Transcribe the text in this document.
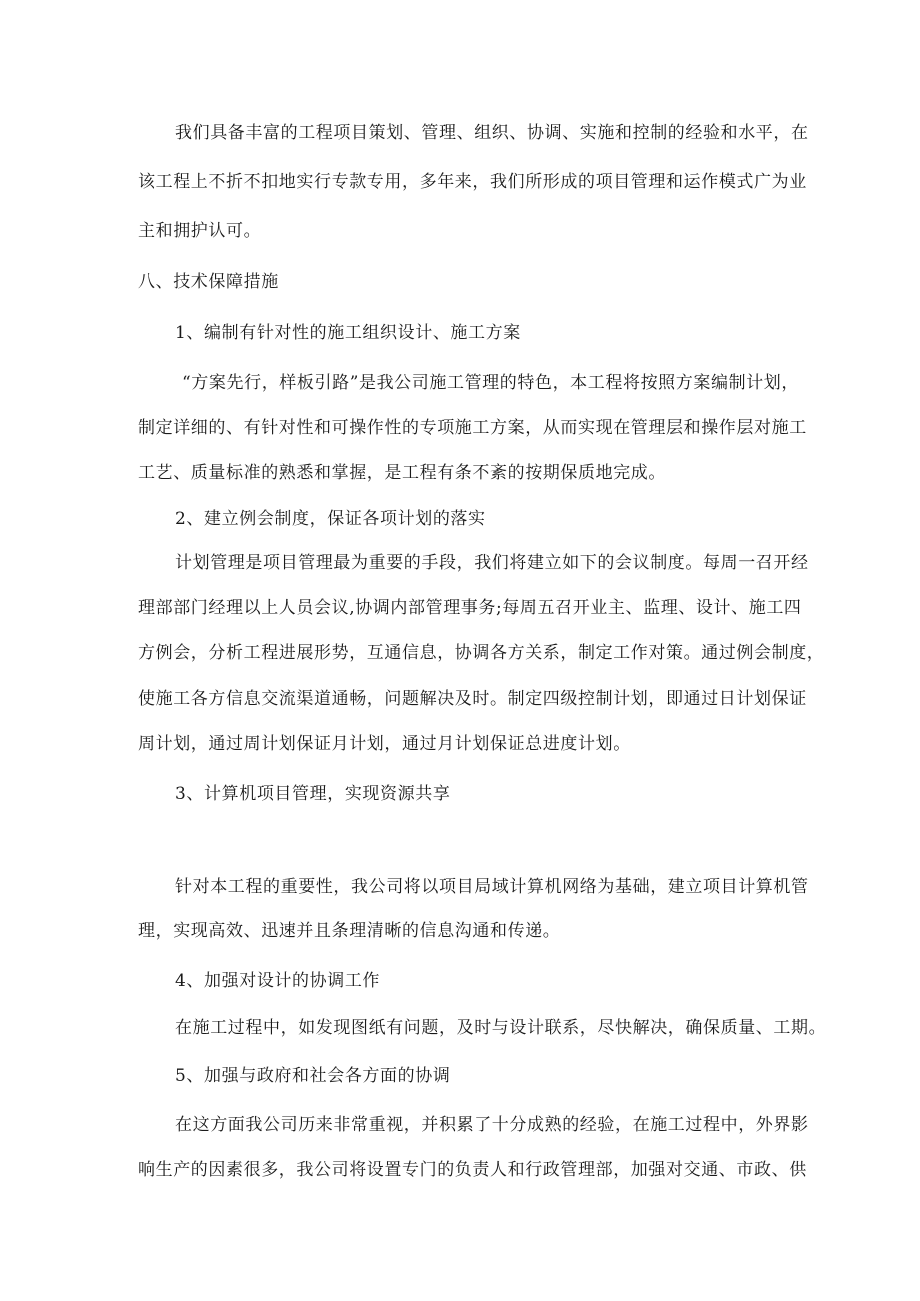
我们具备丰富的工程项目策划、管理、组织、协调、实施和控制的经验和水平，在
该工程上不折不扣地实行专款专用，多年来，我们所形成的项目管理和运作模式广为业
主和拥护认可。
八、技术保障措施
1、编制有针对性的施工组织设计、施工方案
“方案先行，样板引路”是我公司施工管理的特色，本工程将按照方案编制计划，
制定详细的、有针对性和可操作性的专项施工方案，从而实现在管理层和操作层对施工
工艺、质量标准的熟悉和掌握，是工程有条不紊的按期保质地完成。
2、建立例会制度，保证各项计划的落实
计划管理是项目管理最为重要的手段，我们将建立如下的会议制度。每周一召开经
理部部门经理以上人员会议,协调内部管理事务;每周五召开业主、监理、设计、施工四
方例会，分析工程进展形势，互通信息，协调各方关系，制定工作对策。通过例会制度，
使施工各方信息交流渠道通畅，问题解决及时。制定四级控制计划，即通过日计划保证
周计划，通过周计划保证月计划，通过月计划保证总进度计划。
3、计算机项目管理，实现资源共享
针对本工程的重要性，我公司将以项目局域计算机网络为基础，建立项目计算机管
理，实现高效、迅速并且条理清晰的信息沟通和传递。
4、加强对设计的协调工作
在施工过程中，如发现图纸有问题，及时与设计联系，尽快解决，确保质量、工期。
5、加强与政府和社会各方面的协调
在这方面我公司历来非常重视，并积累了十分成熟的经验，在施工过程中，外界影
响生产的因素很多，我公司将设置专门的负责人和行政管理部，加强对交通、市政、供
